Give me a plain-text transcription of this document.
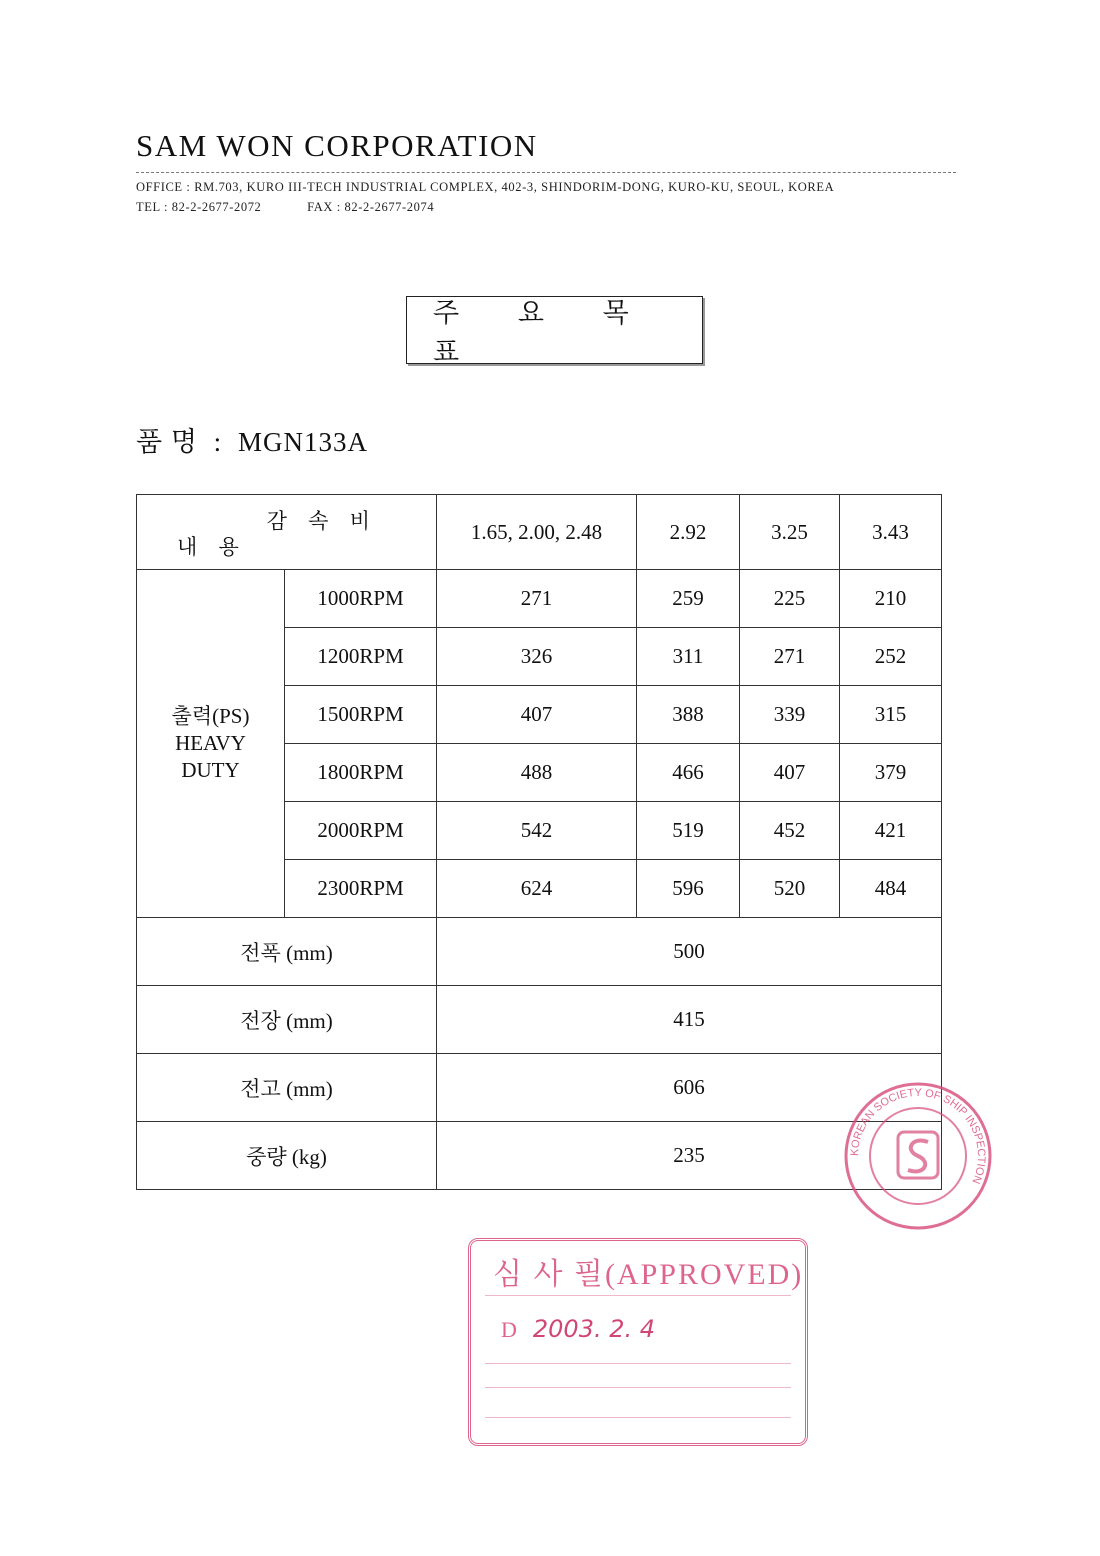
SAM WON CORPORATION
OFFICE : RM.703, KURO III-TECH INDUSTRIAL COMPLEX, 402-3, SHINDORIM-DONG, KURO-KU, SEOUL, KOREA
TEL : 82-2-2677-2072	FAX : 82-2-2677-2074
주 요 목 표
품 명 : MGN133A
감 속 비
내 용		1.65, 2.00, 2.48	2.92	3.25	3.43

출력(PS)
HEAVY
DUTY	1000RPM	271	259	225	210
	1200RPM	326	311	271	252
	1500RPM	407	388	339	315
	1800RPM	488	466	407	379
	2000RPM	542	519	452	421
	2300RPM	624	596	520	484
전폭 (mm)		500			
전장 (mm)		415			
전고 (mm)		606			
중량 (kg)		235				KOREAN SOCIETY OF SHIP INSPECTION
심 사 필(APPROVED)
D 2003. 2. 4
